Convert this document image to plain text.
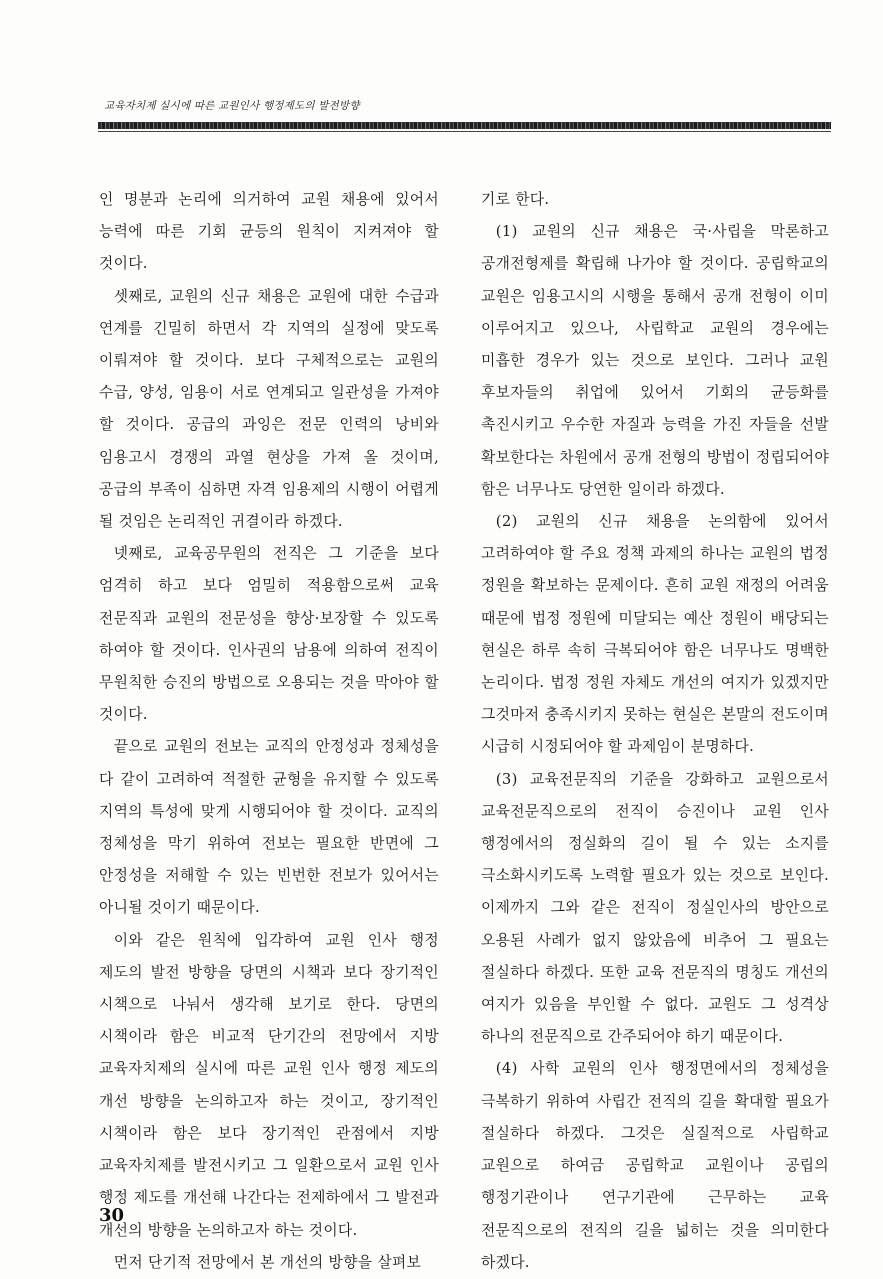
교육자치제 실시에 따른 교원인사 행정제도의 발전방향

인 명분과 논리에 의거하여 교원 채용에 있어서 능력에 따른 기회 균등의 원칙이 지켜져야 할 것이다.

셋째로, 교원의 신규 채용은 교원에 대한 수급과 연계를 긴밀히 하면서 각 지역의 실정에 맞도록 이뤄져야 할 것이다. 보다 구체적으로는 교원의 수급, 양성, 임용이 서로 연계되고 일관성을 가져야 할 것이다. 공급의 과잉은 전문 인력의 낭비와 임용고시 경쟁의 과열 현상을 가져 올 것이며, 공급의 부족이 심하면 자격 임용제의 시행이 어렵게 될 것임은 논리적인 귀결이라 하겠다.

넷째로, 교육공무원의 전직은 그 기준을 보다 엄격히 하고 보다 엄밀히 적용함으로써 교육 전문직과 교원의 전문성을 향상·보장할 수 있도록 하여야 할 것이다. 인사권의 남용에 의하여 전직이 무원칙한 승진의 방법으로 오용되는 것을 막아야 할 것이다.

끝으로 교원의 전보는 교직의 안정성과 정체성을 다 같이 고려하여 적절한 균형을 유지할 수 있도록 지역의 특성에 맞게 시행되어야 할 것이다. 교직의 정체성을 막기 위하여 전보는 필요한 반면에 그 안정성을 저해할 수 있는 빈번한 전보가 있어서는 아니될 것이기 때문이다.

이와 같은 원칙에 입각하여 교원 인사 행정 제도의 발전 방향을 당면의 시책과 보다 장기적인 시책으로 나눠서 생각해 보기로 한다. 당면의 시책이라 함은 비교적 단기간의 전망에서 지방 교육자치제의 실시에 따른 교원 인사 행정 제도의 개선 방향을 논의하고자 하는 것이고, 장기적인 시책이라 함은 보다 장기적인 관점에서 지방 교육자치제를 발전시키고 그 일환으로서 교원 인사 행정 제도를 개선해 나간다는 전제하에서 그 발전과 개선의 방향을 논의하고자 하는 것이다.

먼저 단기적 전망에서 본 개선의 방향을 살펴보

기로 한다.

(1) 교원의 신규 채용은 국·사립을 막론하고 공개전형제를 확립해 나가야 할 것이다. 공립학교의 교원은 임용고시의 시행을 통해서 공개 전형이 이미 이루어지고 있으나, 사립학교 교원의 경우에는 미흡한 경우가 있는 것으로 보인다. 그러나 교원 후보자들의 취업에 있어서 기회의 균등화를 촉진시키고 우수한 자질과 능력을 가진 자들을 선발 확보한다는 차원에서 공개 전형의 방법이 정립되어야 함은 너무나도 당연한 일이라 하겠다.

(2) 교원의 신규 채용을 논의함에 있어서 고려하여야 할 주요 정책 과제의 하나는 교원의 법정 정원을 확보하는 문제이다. 흔히 교원 재정의 어려움 때문에 법정 정원에 미달되는 예산 정원이 배당되는 현실은 하루 속히 극복되어야 함은 너무나도 명백한 논리이다. 법정 정원 자체도 개선의 여지가 있겠지만 그것마저 충족시키지 못하는 현실은 본말의 전도이며 시급히 시정되어야 할 과제임이 분명하다.

(3) 교육전문직의 기준을 강화하고 교원으로서 교육전문직으로의 전직이 승진이나 교원 인사 행정에서의 정실화의 길이 될 수 있는 소지를 극소화시키도록 노력할 필요가 있는 것으로 보인다. 이제까지 그와 같은 전직이 정실인사의 방안으로 오용된 사례가 없지 않았음에 비추어 그 필요는 절실하다 하겠다. 또한 교육 전문직의 명칭도 개선의 여지가 있음을 부인할 수 없다. 교원도 그 성격상 하나의 전문직으로 간주되어야 하기 때문이다.

(4) 사학 교원의 인사 행정면에서의 정체성을 극복하기 위하여 사립간 전직의 길을 확대할 필요가 절실하다 하겠다. 그것은 실질적으로 사립학교 교원으로 하여금 공립학교 교원이나 공립의 행정기관이나 연구기관에 근무하는 교육 전문직으로의 전직의 길을 넓히는 것을 의미한다 하겠다.

30
